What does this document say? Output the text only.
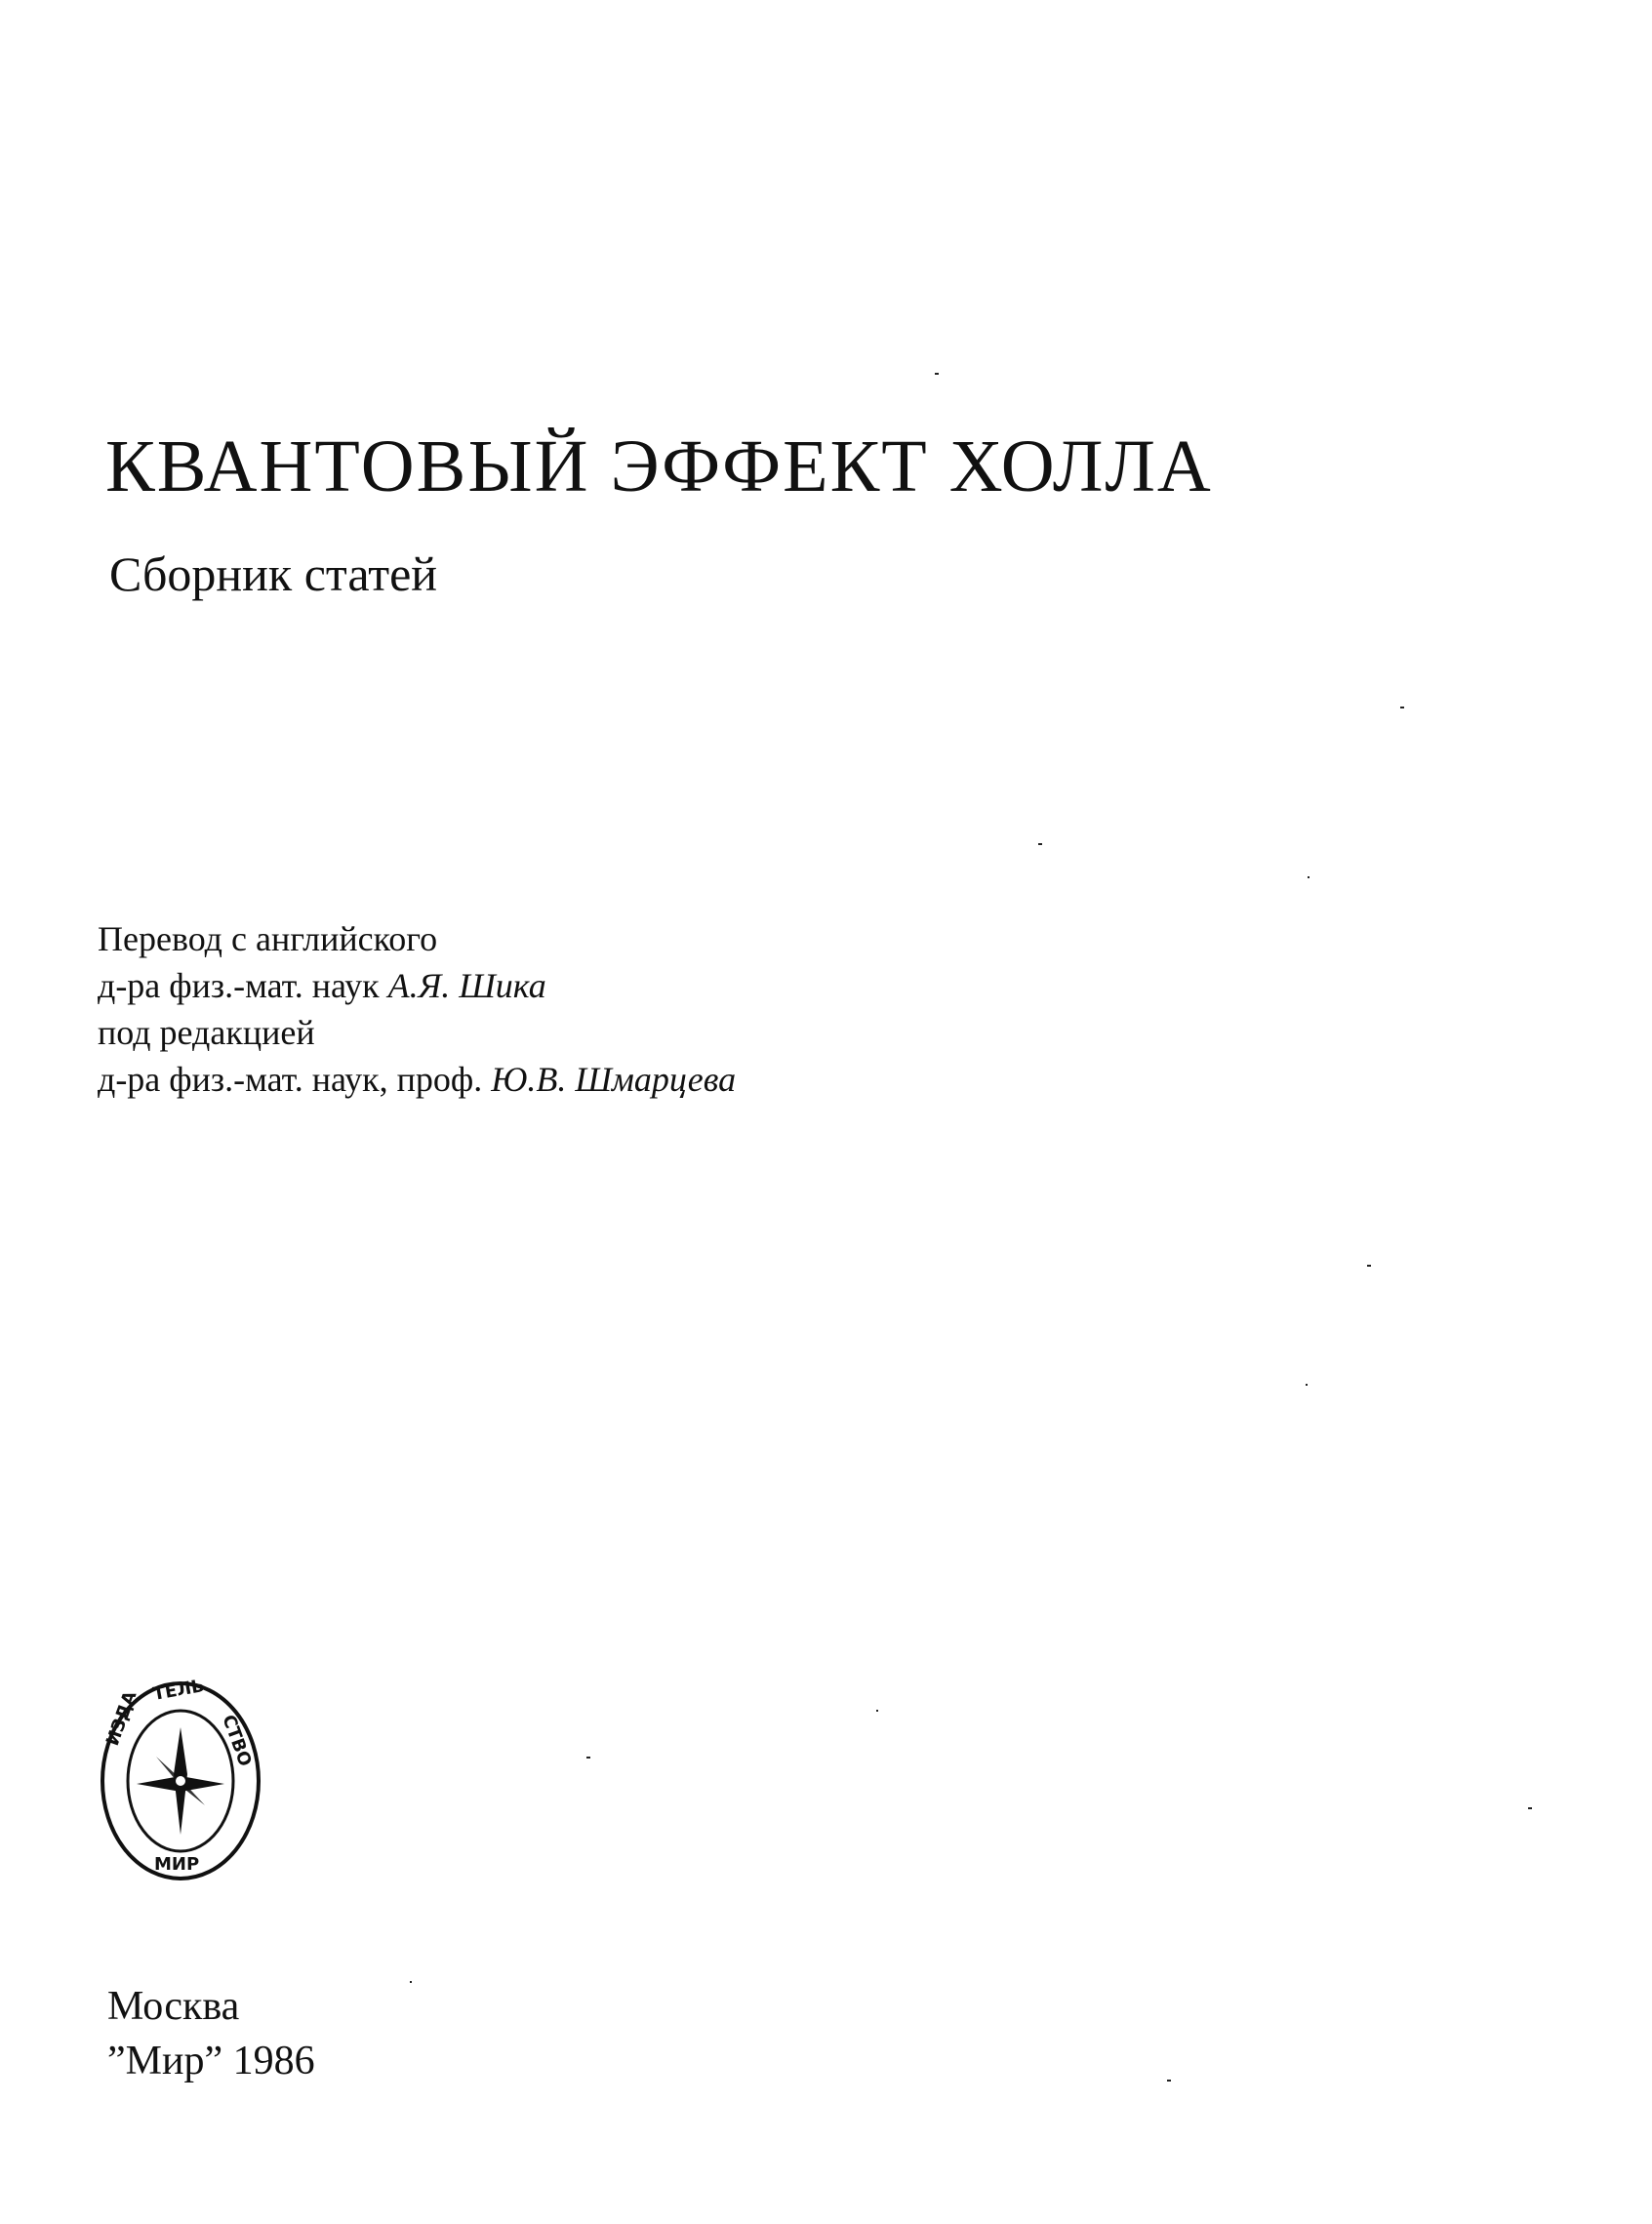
КВАНТОВЫЙ ЭФФЕКТ ХОЛЛА
Сборник статей
Перевод с английского
д-ра физ.-мат. наук А.Я. Шика
под редакцией
д-ра физ.-мат. наук, проф. Ю.В. Шмарцева
ИЗДА ТЕЛЬ
СТВО
МИР
Москва
”Мир” 1986
